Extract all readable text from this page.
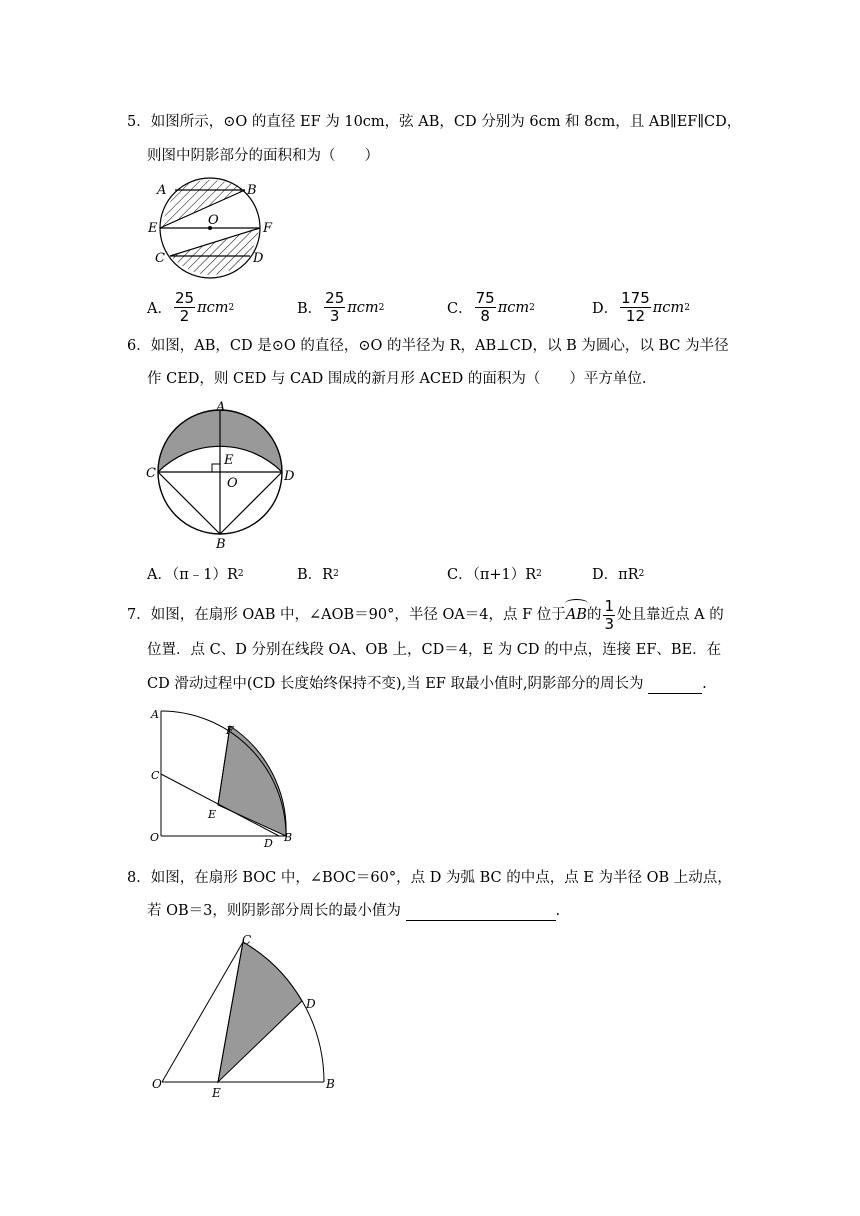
5．如图所示，⊙O 的直径 EF 为 10cm，弦 AB，CD 分别为 6cm 和 8cm，且 AB∥EF∥CD，
则图中阴影部分的面积和为（　　）
A	B
E
O
F
C	D
A． $\frac{25}{2}$ πcm 2	B． $\frac{25}{3}$ πcm 2	C． $\frac{75}{8}$ πcm 2	D． $\frac{175}{12}$ πcm 2
6．如图，AB，CD 是⊙O 的直径，⊙O 的半径为 R，AB⊥CD，以 B 为圆心，以 BC 为半径
作 CED，则 CED 与 CAD 围成的新月形 ACED 的面积为（　　）平方单位.
A
E
C
O	D
B
A．（π﹣1）R 2	B．R 2	C．（π+1）R 2	D．πR 2
7． 如图，在扇形 OAB 中，∠AOB＝90°，半径 OA＝4，点 F 位于 AB 的 $\frac{1}{3}$ 处且靠近点 A 的
位置．点 C、D 分别在线段 OA、OB 上，CD＝4，E 为 CD 的中点，连接 EF、BE．在
CD 滑动过程中(CD 长度始终保持不变),当 EF 取最小值时,阴影部分的周长为	.
A
F
C
E
O	D B
8．如图，在扇形 BOC 中，∠BOC＝60°，点 D 为弧 BC 的中点，点 E 为半径 OB 上动点，
若 OB＝3，则阴影部分周长的最小值为	.
C
D
O
E
B
